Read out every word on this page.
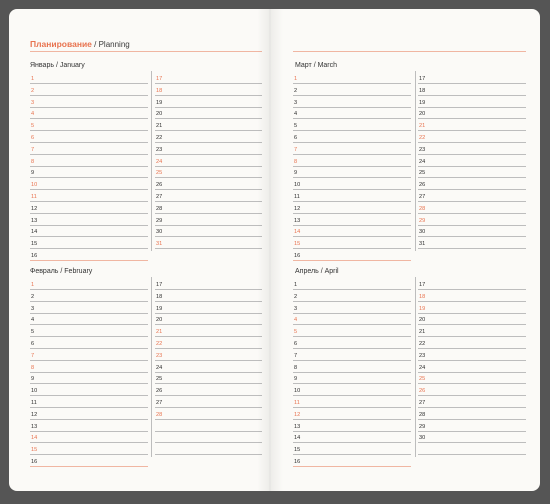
Планирование / Planning
Январь / January
1
2
3
4
5
6
7
8
9
10
11
12
13
14
15
16
17
18
19
20
21
22
23
24
25
26
27
28
29
30
31
Февраль / February
1
2
3
4
5
6
7
8
9
10
11
12
13
14
15
16
17
18
19
20
21
22
23
24
25
26
27
28
Март / March
1
2
3
4
5
6
7
8
9
10
11
12
13
14
15
16
17
18
19
20
21
22
23
24
25
26
27
28
29
30
31
Апрель / April
1
2
3
4
5
6
7
8
9
10
11
12
13
14
15
16
17
18
19
20
21
22
23
24
25
26
27
28
29
30
